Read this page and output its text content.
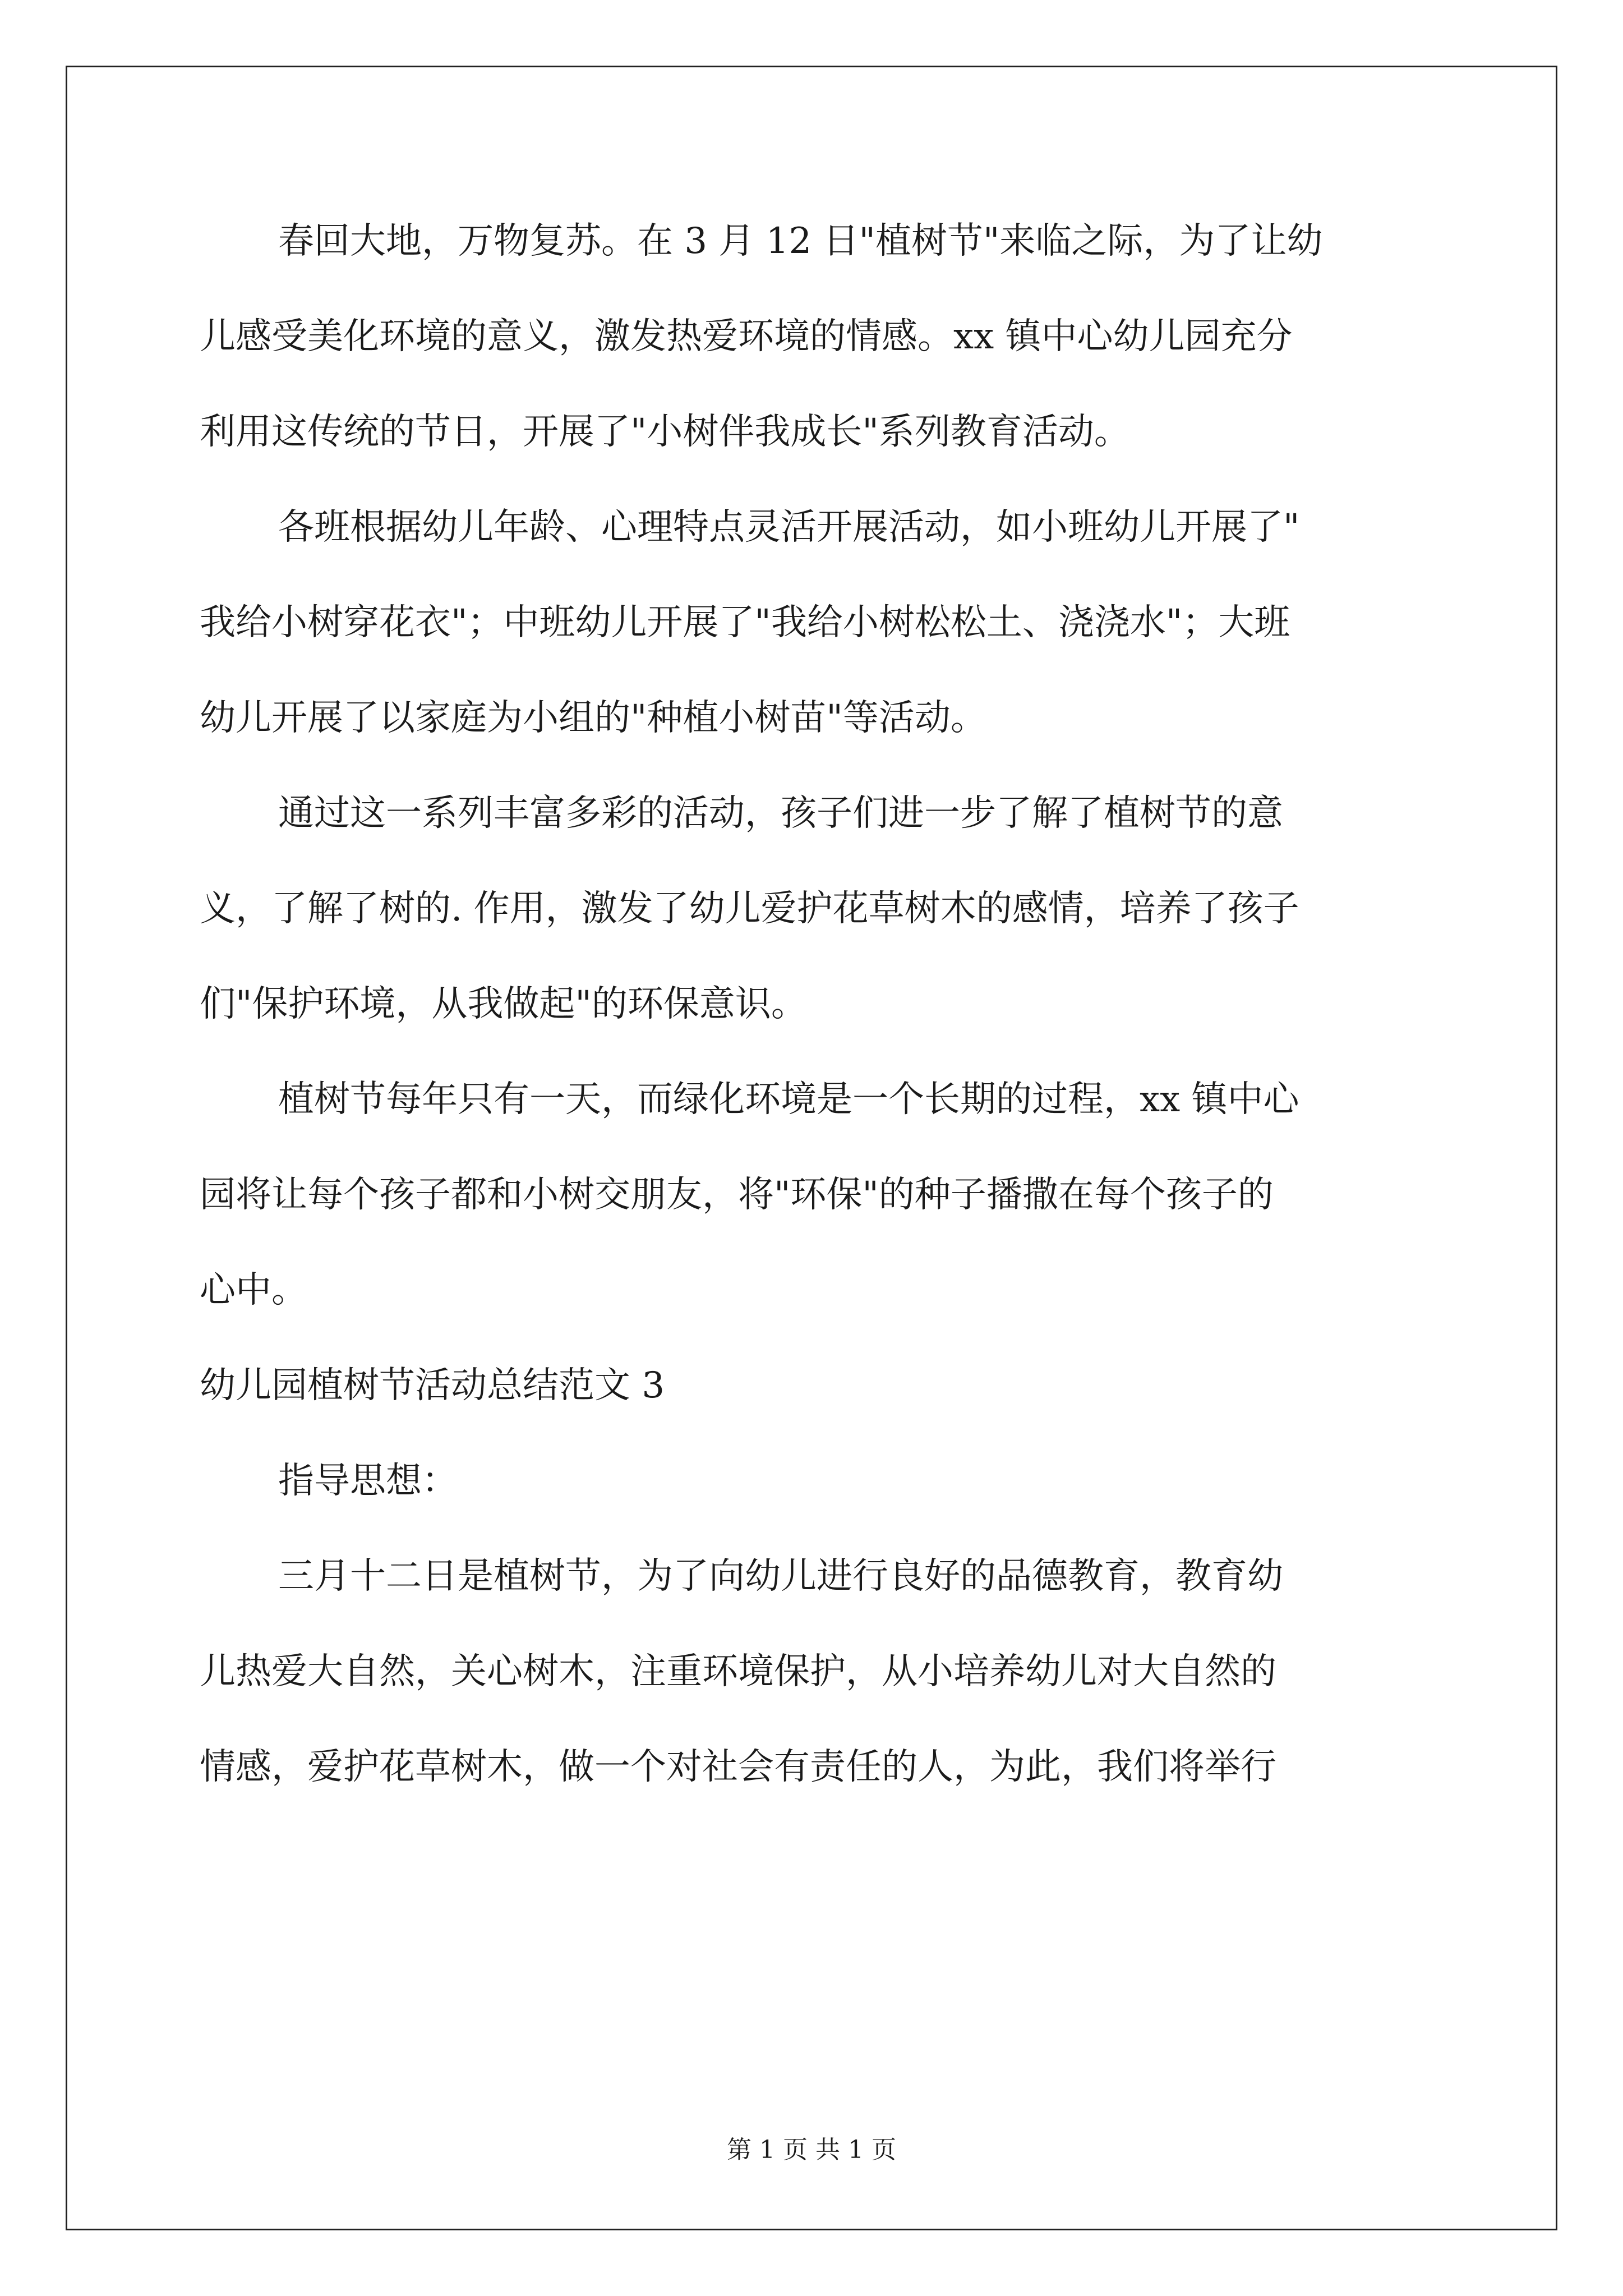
春回大地，万物复苏。在 3 月 12 日"植树节"来临之际，为了让幼
儿感受美化环境的意义，激发热爱环境的情感。xx 镇中心幼儿园充分
利用这传统的节日，开展了"小树伴我成长"系列教育活动。
各班根据幼儿年龄、心理特点灵活开展活动，如小班幼儿开展了"
我给小树穿花衣"；中班幼儿开展了"我给小树松松土、浇浇水"；大班
幼儿开展了以家庭为小组的"种植小树苗"等活动。
通过这一系列丰富多彩的活动，孩子们进一步了解了植树节的意
义，了解了树的. 作用，激发了幼儿爱护花草树木的感情，培养了孩子
们"保护环境，从我做起"的环保意识。
植树节每年只有一天，而绿化环境是一个长期的过程，xx 镇中心
园将让每个孩子都和小树交朋友，将"环保"的种子播撒在每个孩子的
心中。
幼儿园植树节活动总结范文 3
指导思想：
三月十二日是植树节，为了向幼儿进行良好的品德教育，教育幼
儿热爱大自然，关心树木，注重环境保护，从小培养幼儿对大自然的
情感，爱护花草树木，做一个对社会有责任的人，为此，我们将举行
第 1 页 共 1 页
